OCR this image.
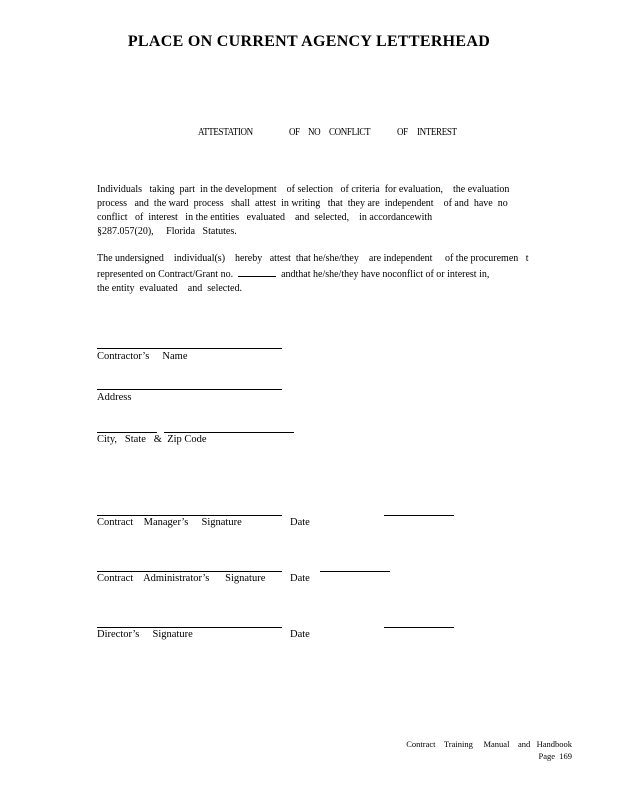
PLACE ON CURRENT AGENCY LETTERHEAD
ATTESTATION	OF NO CONFLICT	OF INTEREST
Individuals   taking  part  in the development    of selection   of criteria  for evaluation,    the evaluation
process   and  the ward  process   shall  attest  in writing   that  they are  independent    of and  have  no
conflict   of  interest   in the entities   evaluated    and  selected,    in accordancewith
§287.057(20),     Florida   Statutes.
The undersigned    individual(s)    hereby   attest  that he/she/they    are independent     of the procuremen   t
represented on Contract/Grant no.	andthat he/she/they have noconflict of or interest in,
the entity  evaluated    and  selected.
Contractor’s     Name
Address
City,   State   &  Zip Code
Contract    Manager’s     Signature	Date
Contract    Administrator’s      Signature Date
Director’s     Signature	Date
Contract    Training     Manual    and   Handbook
Page  169
